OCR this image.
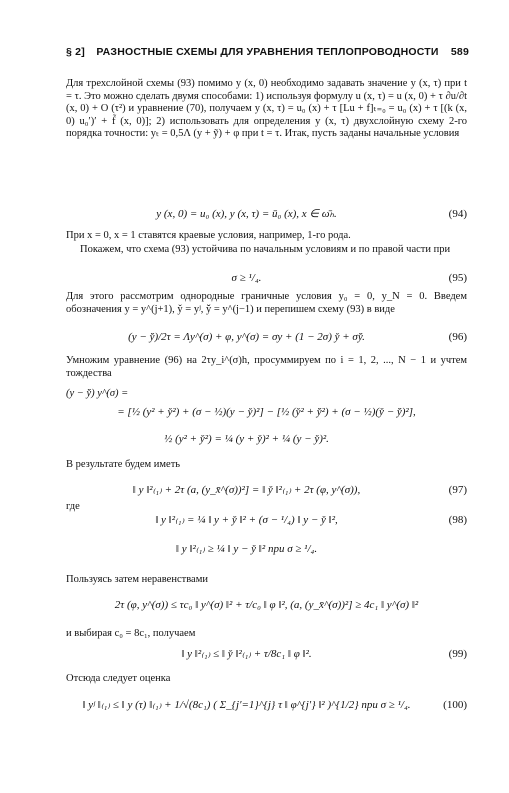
§ 2]	РАЗНОСТНЫЕ СХЕМЫ ДЛЯ УРАВНЕНИЯ ТЕПЛОПРОВОДНОСТИ	589
Для трехслойной схемы (93) помимо y (x, 0) необходимо задавать значение y (x, τ) при t = τ. Это можно сделать двумя способами: 1) используя формулу u (x, τ) = u (x, 0) + τ ∂u/∂t (x, 0) + O (τ²) и уравнение (70), получаем y (x, τ) = u₀ (x) + τ [Lu + f]ₜ₌₀ = u₀ (x) + τ [(k (x, 0) u₀′)′ + f̃ (x, 0)]; 2) использовать для определения y (x, τ) двухслойную схему 2-го порядка точности: yₜ = 0,5Λ (y + ỹ) + φ при t = τ. Итак, пусть заданы начальные условия
y (x, 0) = u₀ (x), y (x, τ) = ū₀ (x), x ∈ ω̄ₕ.	(94)
При x = 0, x = 1 ставятся краевые условия, например, 1-го рода.
Покажем, что схема (93) устойчива по начальным условиям и по правой части при
σ ≥ ¹/₄.	(95)
Для этого рассмотрим однородные граничные условия y₀ = 0, y_N = 0. Введем обозначения y = y^(j+1), y̌ = yʲ, y̌̌ = y^(j−1) и перепишем схему (93) в виде
(y − y̌̌)/2τ = Λy^(σ) + φ, y^(σ) = σy + (1 − 2σ) y̌ + σy̌̌.	(96)
Умножим уравнение (96) на 2τy_i^(σ)h, просуммируем по i = 1, 2, ..., N − 1 и учтем тождества
(y − y̌̌) y^(σ) =
= [½ (y² + y̌²) + (σ − ½)(y − y̌)²] − [½ (y̌² + y̌̌²) + (σ − ½)(y̌ − y̌̌)²],
½ (y² + y̌²) = ¼ (y + y̌)² + ¼ (y − y̌)².
В результате будем иметь
‖ y ‖²₍₁₎ + 2τ (a, (y_x̄^(σ))²] = ‖ y̌ ‖²₍₁₎ + 2τ (φ, y^(σ)),	(97)
где
‖ y ‖²₍₁₎ = ¼ ‖ y + y̌ ‖² + (σ − ¹/₄) ‖ y − y̌ ‖²,	(98)
‖ y ‖²₍₁₎ ≥ ¼ ‖ y − y̌ ‖² при σ ≥ ¹/₄.
Пользуясь затем неравенствами
2τ (φ, y^(σ)) ≤ τc₀ ‖ y^(σ) ‖² + τ/c₀ ‖ φ ‖², (a, (y_x̄^(σ))²] ≥ 4c₁ ‖ y^(σ) ‖²
и выбирая c₀ = 8c₁, получаем
‖ y ‖²₍₁₎ ≤ ‖ y̌ ‖²₍₁₎ + τ/8c₁ ‖ φ ‖².	(99)
Отсюда следует оценка
‖ yʲ ‖₍₁₎ ≤ ‖ y (τ) ‖₍₁₎ + 1/√(8c₁) ( Σ_{j′=1}^{j} τ ‖ φ^{j′} ‖² )^{1/2} при σ ≥ ¹/₄.	(100)
